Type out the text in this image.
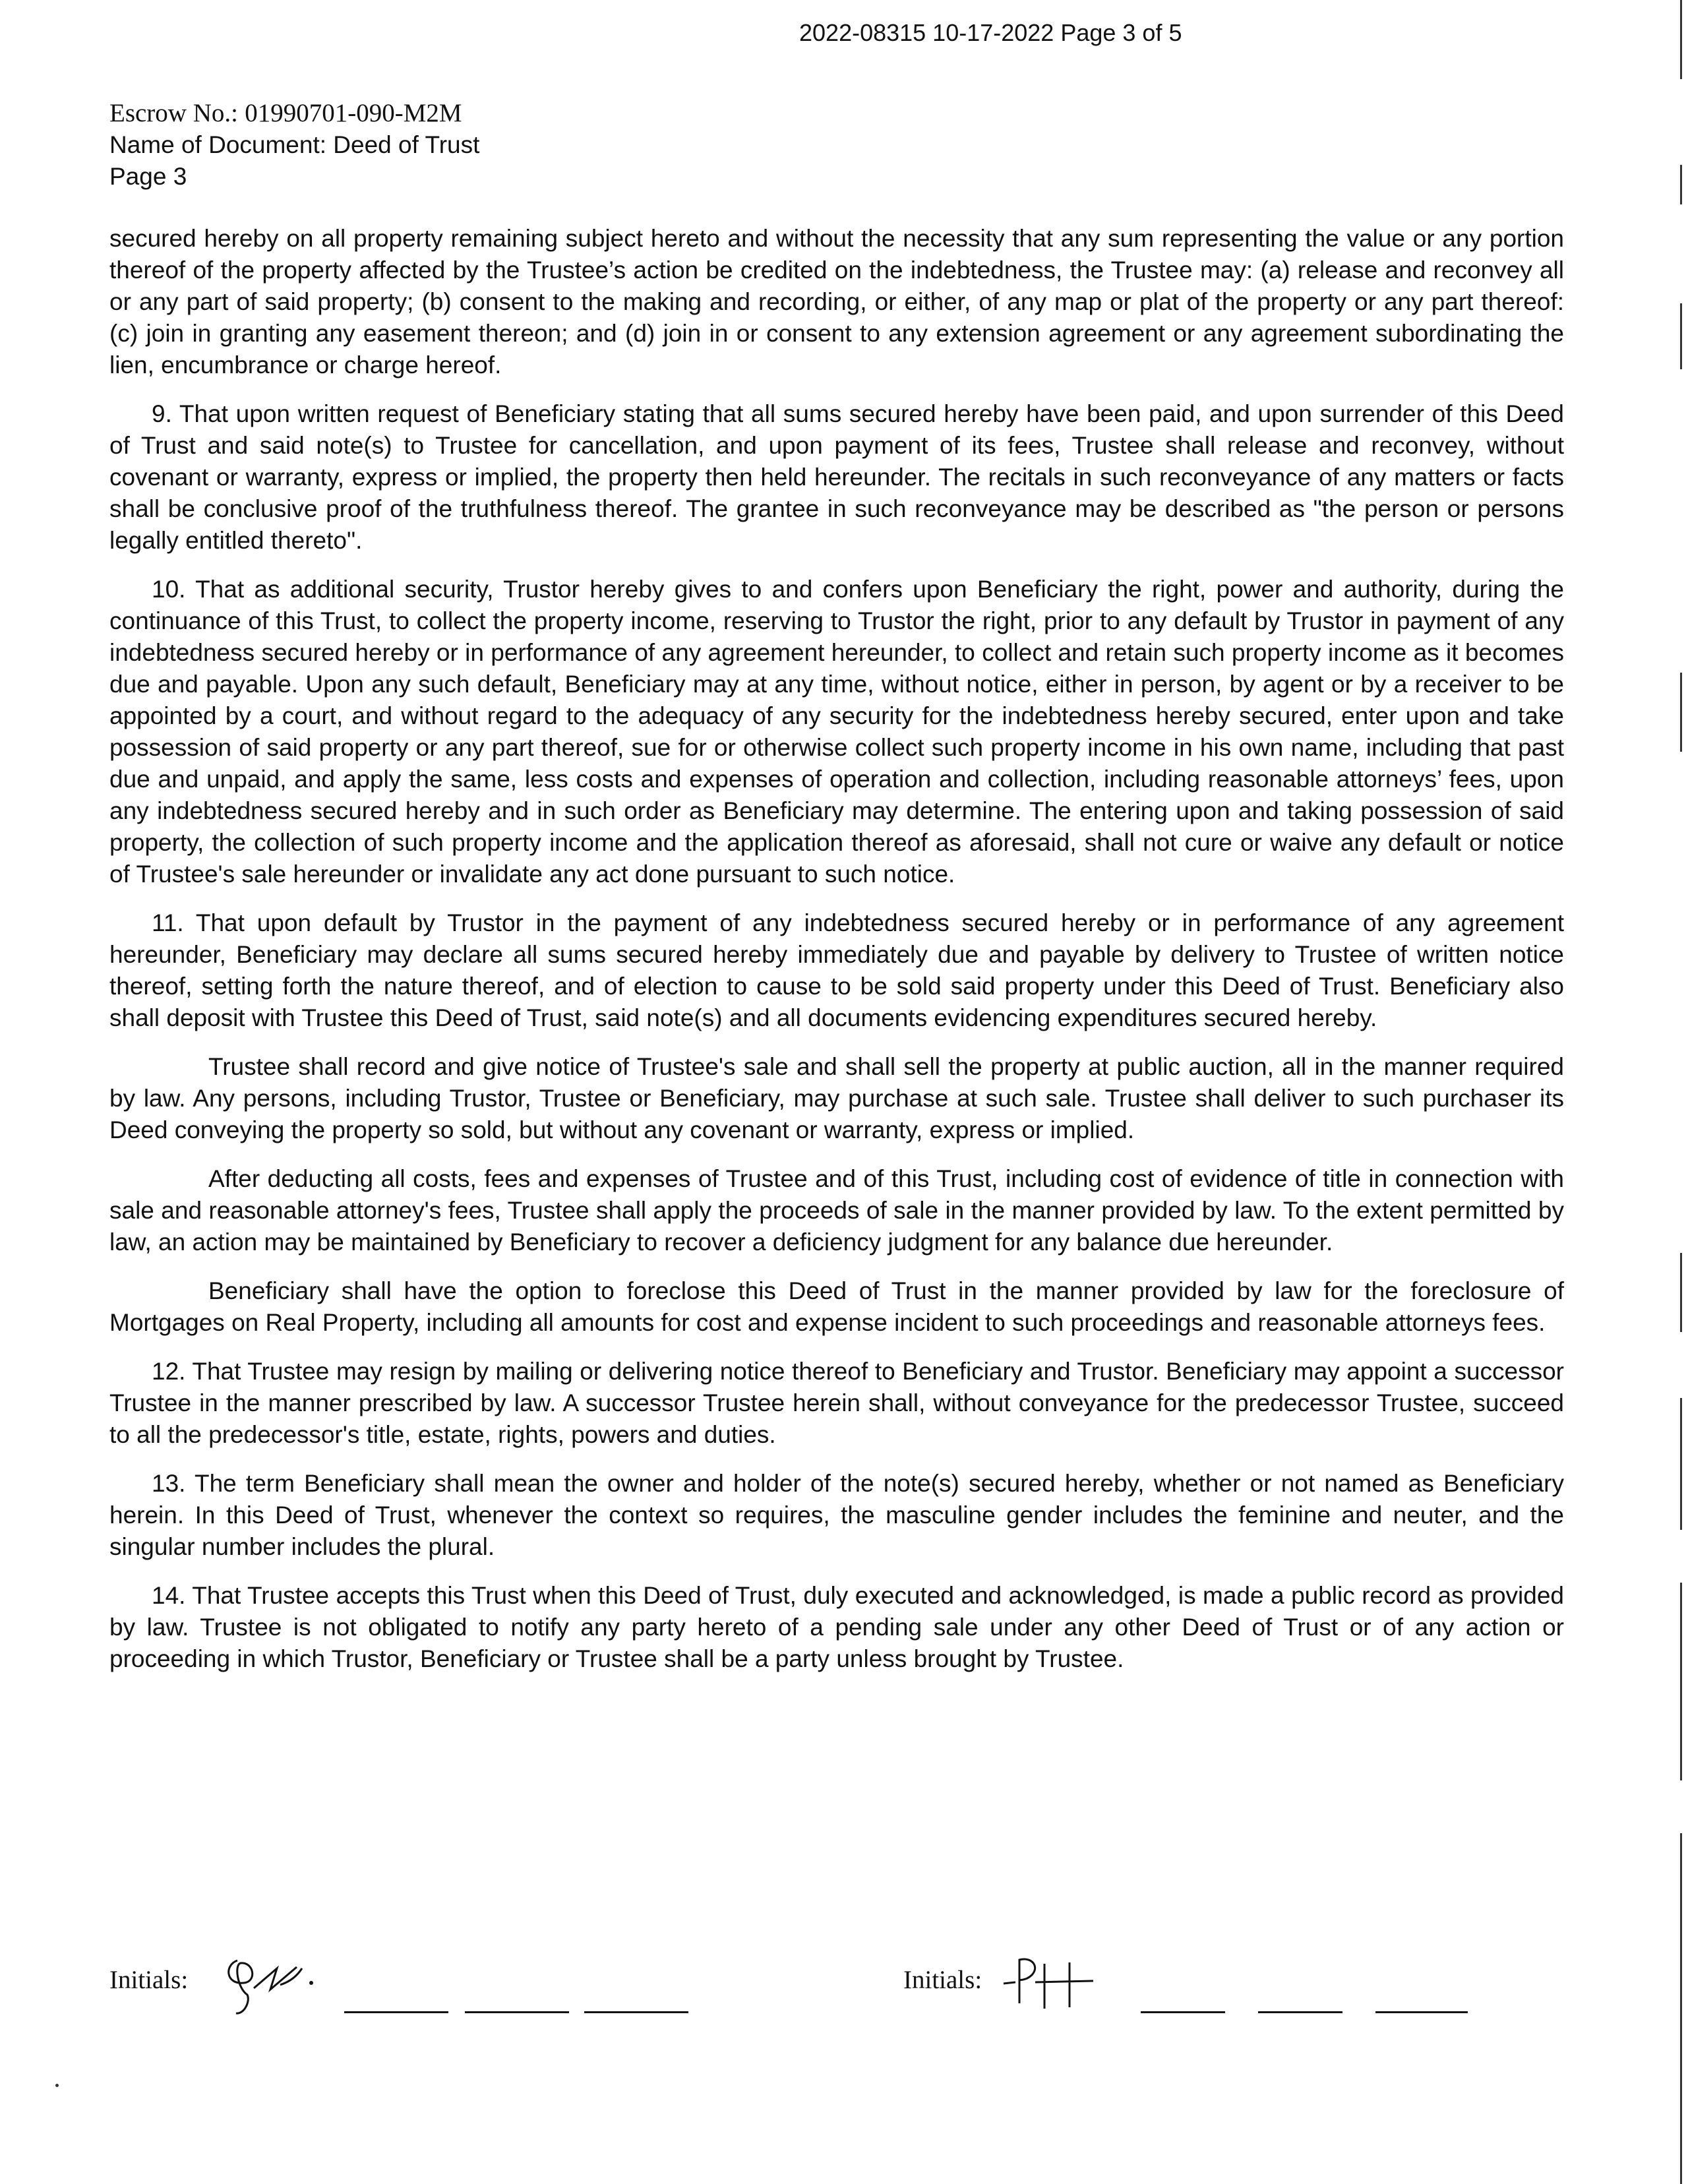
2022-08315 10-17-2022 Page 3 of 5
Escrow No.: 01990701-090-M2M
Name of Document: Deed of Trust
Page 3

secured hereby on all property remaining subject hereto and without the necessity that any sum representing the value or any portion thereof of the property affected by the Trustee’s action be credited on the indebtedness, the Trustee may: (a) release and reconvey all or any part of said property; (b) consent to the making and recording, or either, of any map or plat of the property or any part thereof: (c) join in granting any easement thereon; and (d) join in or consent to any extension agreement or any agreement subordinating the lien, encumbrance or charge hereof.

9. That upon written request of Beneficiary stating that all sums secured hereby have been paid, and upon surrender of this Deed of Trust and said note(s) to Trustee for cancellation, and upon payment of its fees, Trustee shall release and reconvey, without covenant or warranty, express or implied, the property then held hereunder. The recitals in such reconveyance of any matters or facts shall be conclusive proof of the truthfulness thereof. The grantee in such reconveyance may be described as "the person or persons legally entitled thereto".

10. That as additional security, Trustor hereby gives to and confers upon Beneficiary the right, power and authority, during the continuance of this Trust, to collect the property income, reserving to Trustor the right, prior to any default by Trustor in payment of any indebtedness secured hereby or in performance of any agreement hereunder, to collect and retain such property income as it becomes due and payable. Upon any such default, Beneficiary may at any time, without notice, either in person, by agent or by a receiver to be appointed by a court, and without regard to the adequacy of any security for the indebtedness hereby secured, enter upon and take possession of said property or any part thereof, sue for or otherwise collect such property income in his own name, including that past due and unpaid, and apply the same, less costs and expenses of operation and collection, including reasonable attorneys’ fees, upon any indebtedness secured hereby and in such order as Beneficiary may determine. The entering upon and taking possession of said property, the collection of such property income and the application thereof as aforesaid, shall not cure or waive any default or notice of Trustee's sale hereunder or invalidate any act done pursuant to such notice.

11. That upon default by Trustor in the payment of any indebtedness secured hereby or in performance of any agreement hereunder, Beneficiary may declare all sums secured hereby immediately due and payable by delivery to Trustee of written notice thereof, setting forth the nature thereof, and of election to cause to be sold said property under this Deed of Trust. Beneficiary also shall deposit with Trustee this Deed of Trust, said note(s) and all documents evidencing expenditures secured hereby.

Trustee shall record and give notice of Trustee's sale and shall sell the property at public auction, all in the manner required by law. Any persons, including Trustor, Trustee or Beneficiary, may purchase at such sale. Trustee shall deliver to such purchaser its Deed conveying the property so sold, but without any covenant or warranty, express or implied.

After deducting all costs, fees and expenses of Trustee and of this Trust, including cost of evidence of title in connection with sale and reasonable attorney's fees, Trustee shall apply the proceeds of sale in the manner provided by law. To the extent permitted by law, an action may be maintained by Beneficiary to recover a deficiency judgment for any balance due hereunder.

Beneficiary shall have the option to foreclose this Deed of Trust in the manner provided by law for the foreclosure of Mortgages on Real Property, including all amounts for cost and expense incident to such proceedings and reasonable attorneys fees.

12. That Trustee may resign by mailing or delivering notice thereof to Beneficiary and Trustor. Beneficiary may appoint a successor Trustee in the manner prescribed by law. A successor Trustee herein shall, without conveyance for the predecessor Trustee, succeed to all the predecessor's title, estate, rights, powers and duties.

13. The term Beneficiary shall mean the owner and holder of the note(s) secured hereby, whether or not named as Beneficiary herein. In this Deed of Trust, whenever the context so requires, the masculine gender includes the feminine and neuter, and the singular number includes the plural.

14. That Trustee accepts this Trust when this Deed of Trust, duly executed and acknowledged, is made a public record as provided by law. Trustee is not obligated to notify any party hereto of a pending sale under any other Deed of Trust or of any action or proceeding in which Trustor, Beneficiary or Trustee shall be a party unless brought by Trustee.

Initials:	Initials:
